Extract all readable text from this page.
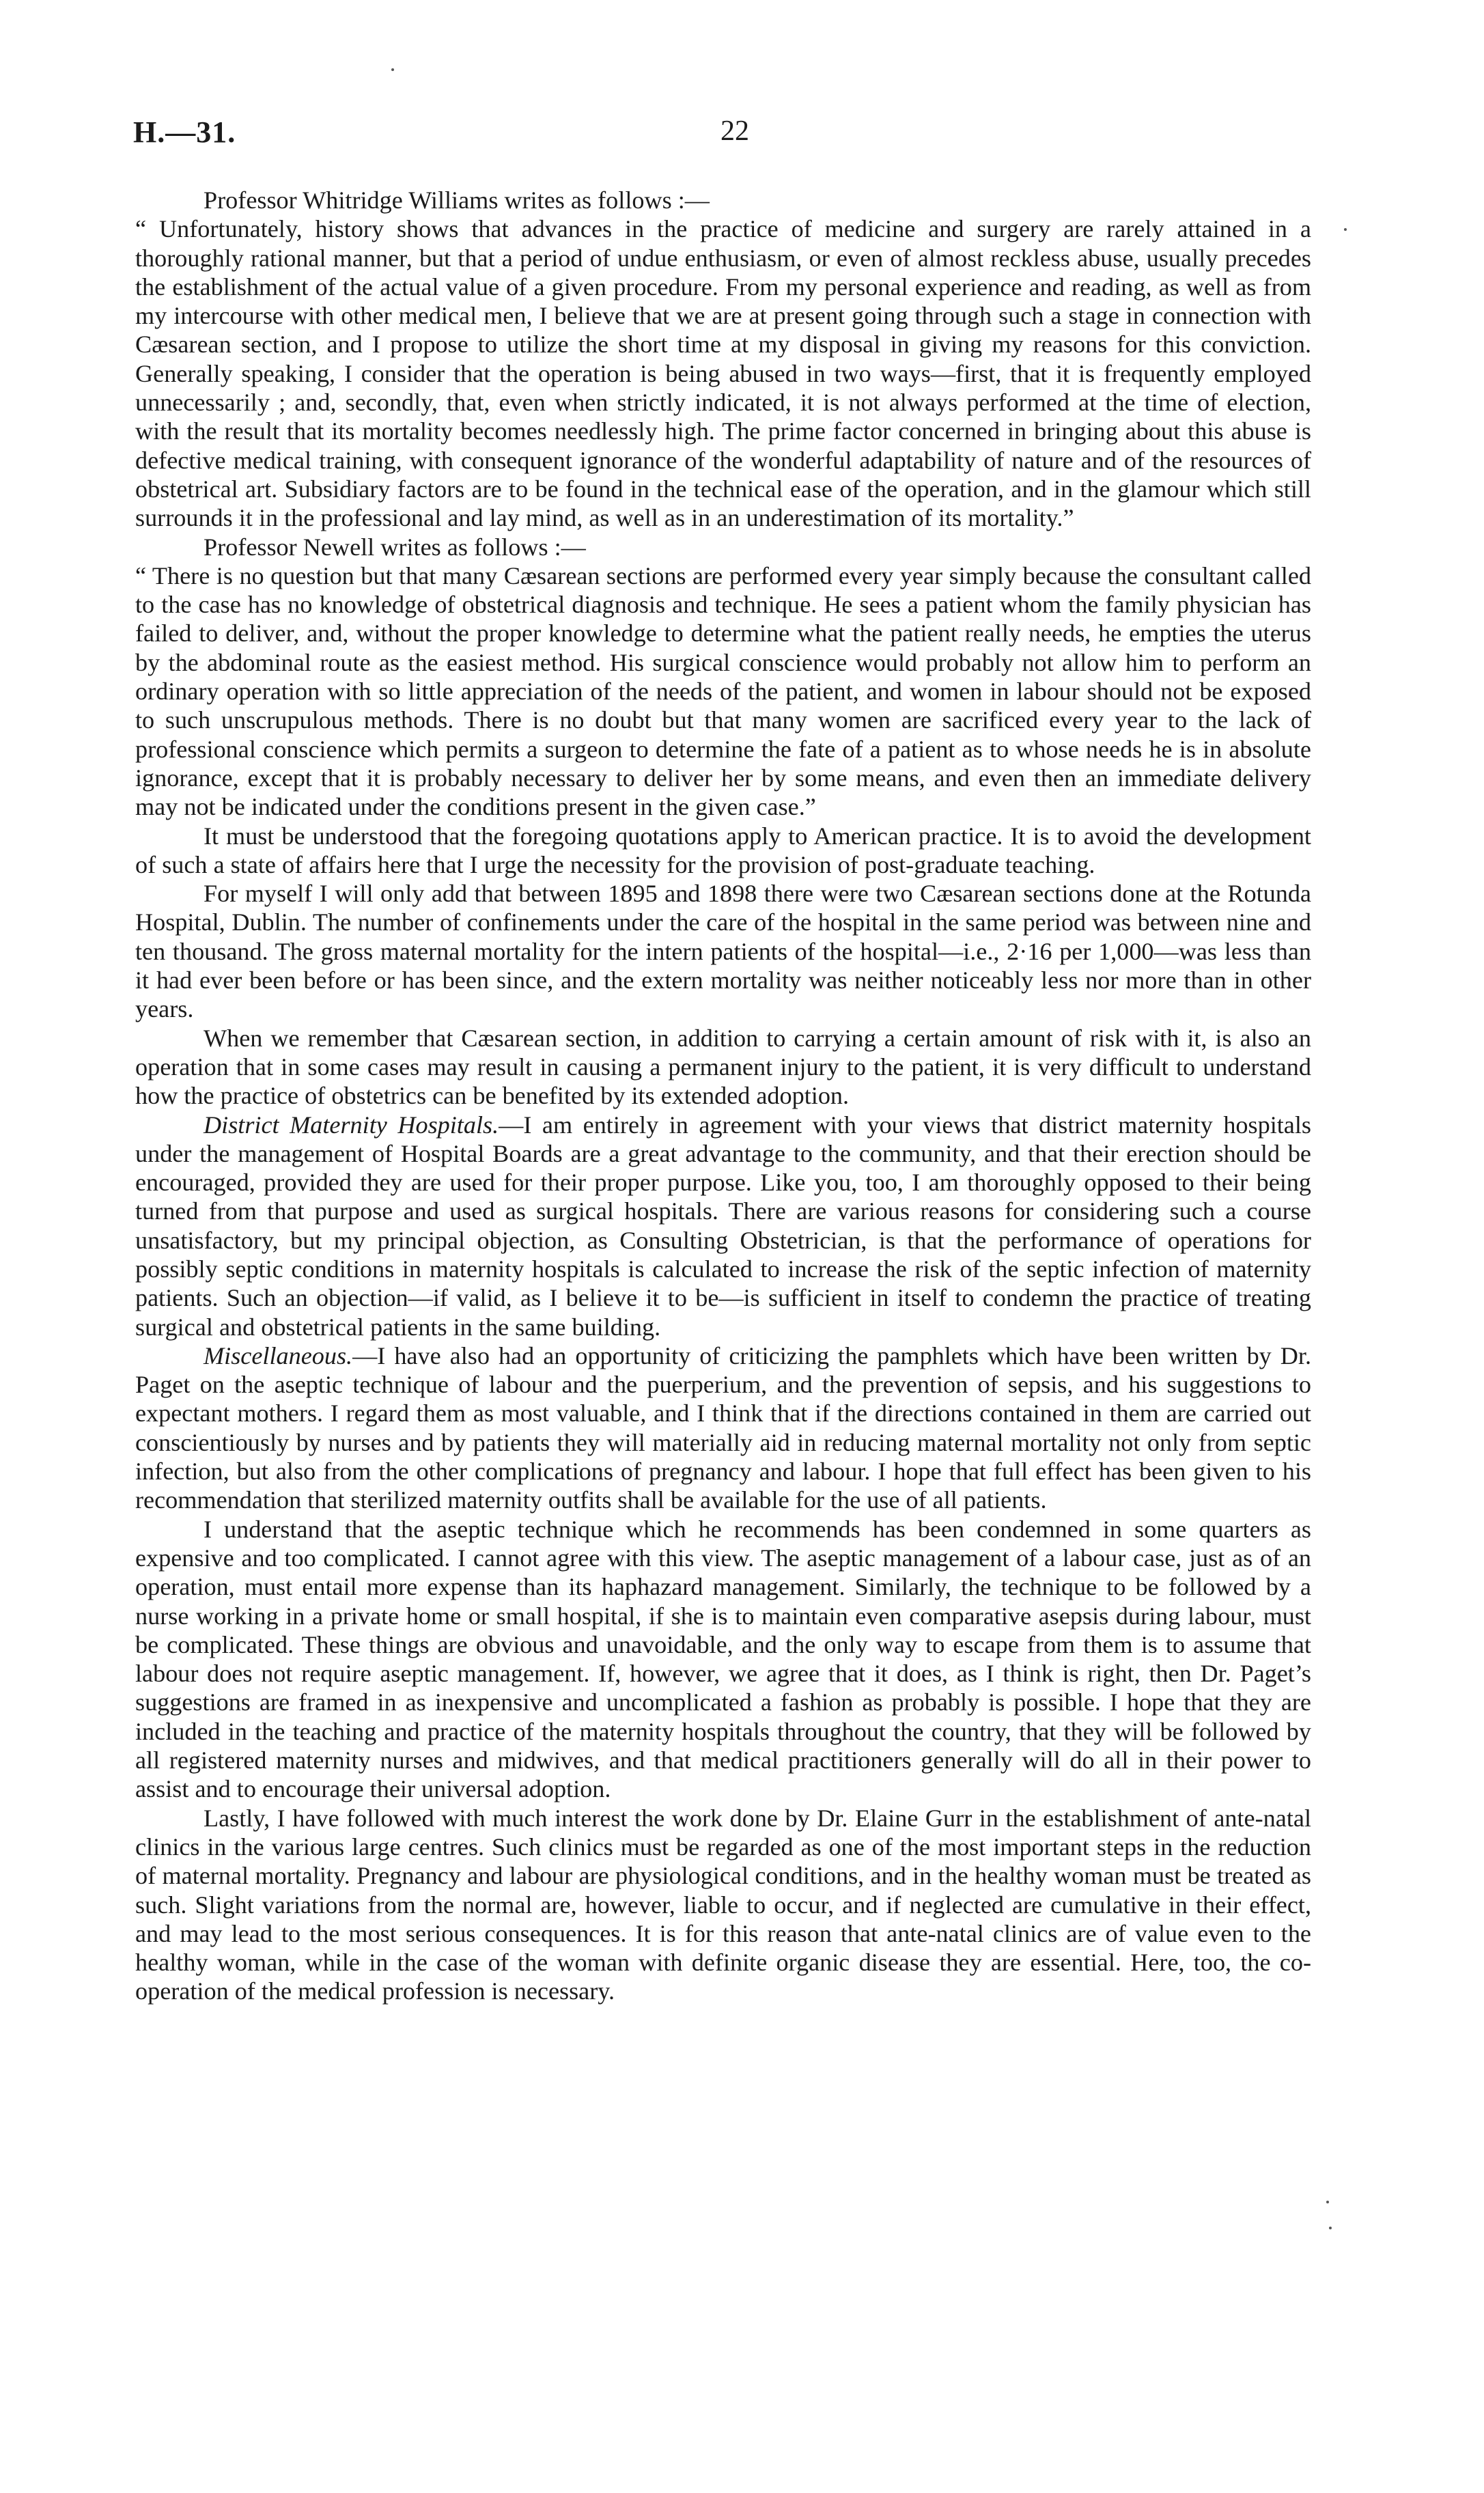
H.—31.	22

Professor Whitridge Williams writes as follows :—

“ Unfortunately, history shows that advances in the practice of medicine and surgery are rarely attained in a thoroughly rational manner, but that a period of undue enthusiasm, or even of almost reckless abuse, usually precedes the establishment of the actual value of a given procedure. From my personal experience and reading, as well as from my intercourse with other medical men, I believe that we are at present going through such a stage in connection with Cæsarean section, and I propose to utilize the short time at my disposal in giving my reasons for this conviction. Generally speaking, I consider that the operation is being abused in two ways—first, that it is frequently employed unnecessarily ; and, secondly, that, even when strictly indicated, it is not always performed at the time of election, with the result that its mortality becomes needlessly high. The prime factor concerned in bringing about this abuse is defective medical training, with consequent ignorance of the wonderful adaptability of nature and of the resources of obstetrical art. Subsidiary factors are to be found in the technical ease of the operation, and in the glamour which still surrounds it in the professional and lay mind, as well as in an underestimation of its mortality.”

Professor Newell writes as follows :—

“ There is no question but that many Cæsarean sections are performed every year simply because the consultant called to the case has no knowledge of obstetrical diagnosis and technique. He sees a patient whom the family physician has failed to deliver, and, without the proper knowledge to determine what the patient really needs, he empties the uterus by the abdominal route as the easiest method. His surgical conscience would probably not allow him to perform an ordinary operation with so little appreciation of the needs of the patient, and women in labour should not be exposed to such unscrupulous methods. There is no doubt but that many women are sacrificed every year to the lack of professional conscience which permits a surgeon to determine the fate of a patient as to whose needs he is in absolute ignorance, except that it is probably necessary to deliver her by some means, and even then an immediate delivery may not be indicated under the conditions present in the given case.”

It must be understood that the foregoing quotations apply to American practice. It is to avoid the development of such a state of affairs here that I urge the necessity for the provision of post-graduate teaching.

For myself I will only add that between 1895 and 1898 there were two Cæsarean sections done at the Rotunda Hospital, Dublin. The number of confinements under the care of the hospital in the same period was between nine and ten thousand. The gross maternal mortality for the intern patients of the hospital—i.e., 2·16 per 1,000—was less than it had ever been before or has been since, and the extern mortality was neither noticeably less nor more than in other years.

When we remember that Cæsarean section, in addition to carrying a certain amount of risk with it, is also an operation that in some cases may result in causing a permanent injury to the patient, it is very difficult to understand how the practice of obstetrics can be benefited by its extended adoption.

District Maternity Hospitals.—I am entirely in agreement with your views that district maternity hospitals under the management of Hospital Boards are a great advantage to the community, and that their erection should be encouraged, provided they are used for their proper purpose. Like you, too, I am thoroughly opposed to their being turned from that purpose and used as surgical hospitals. There are various reasons for considering such a course unsatisfactory, but my principal objection, as Consulting Obstetrician, is that the performance of operations for possibly septic conditions in maternity hospitals is calculated to increase the risk of the septic infection of maternity patients. Such an objection—if valid, as I believe it to be—is sufficient in itself to condemn the practice of treating surgical and obstetrical patients in the same building.

Miscellaneous.—I have also had an opportunity of criticizing the pamphlets which have been written by Dr. Paget on the aseptic technique of labour and the puerperium, and the prevention of sepsis, and his suggestions to expectant mothers. I regard them as most valuable, and I think that if the directions contained in them are carried out conscientiously by nurses and by patients they will materially aid in reducing maternal mortality not only from septic infection, but also from the other complications of pregnancy and labour. I hope that full effect has been given to his recommendation that sterilized maternity outfits shall be available for the use of all patients.

I understand that the aseptic technique which he recommends has been condemned in some quarters as expensive and too complicated. I cannot agree with this view. The aseptic management of a labour case, just as of an operation, must entail more expense than its haphazard management. Similarly, the technique to be followed by a nurse working in a private home or small hospital, if she is to maintain even comparative asepsis during labour, must be complicated. These things are obvious and unavoidable, and the only way to escape from them is to assume that labour does not require aseptic management. If, however, we agree that it does, as I think is right, then Dr. Paget’s suggestions are framed in as inexpensive and uncomplicated a fashion as probably is possible. I hope that they are included in the teaching and practice of the maternity hospitals throughout the country, that they will be followed by all registered maternity nurses and midwives, and that medical practitioners generally will do all in their power to assist and to encourage their universal adoption.

Lastly, I have followed with much interest the work done by Dr. Elaine Gurr in the establishment of ante-natal clinics in the various large centres. Such clinics must be regarded as one of the most important steps in the reduction of maternal mortality. Pregnancy and labour are physiological conditions, and in the healthy woman must be treated as such. Slight variations from the normal are, however, liable to occur, and if neglected are cumulative in their effect, and may lead to the most serious consequences. It is for this reason that ante-natal clinics are of value even to the healthy woman, while in the case of the woman with definite organic disease they are essential. Here, too, the co-operation of the medical profession is necessary.
